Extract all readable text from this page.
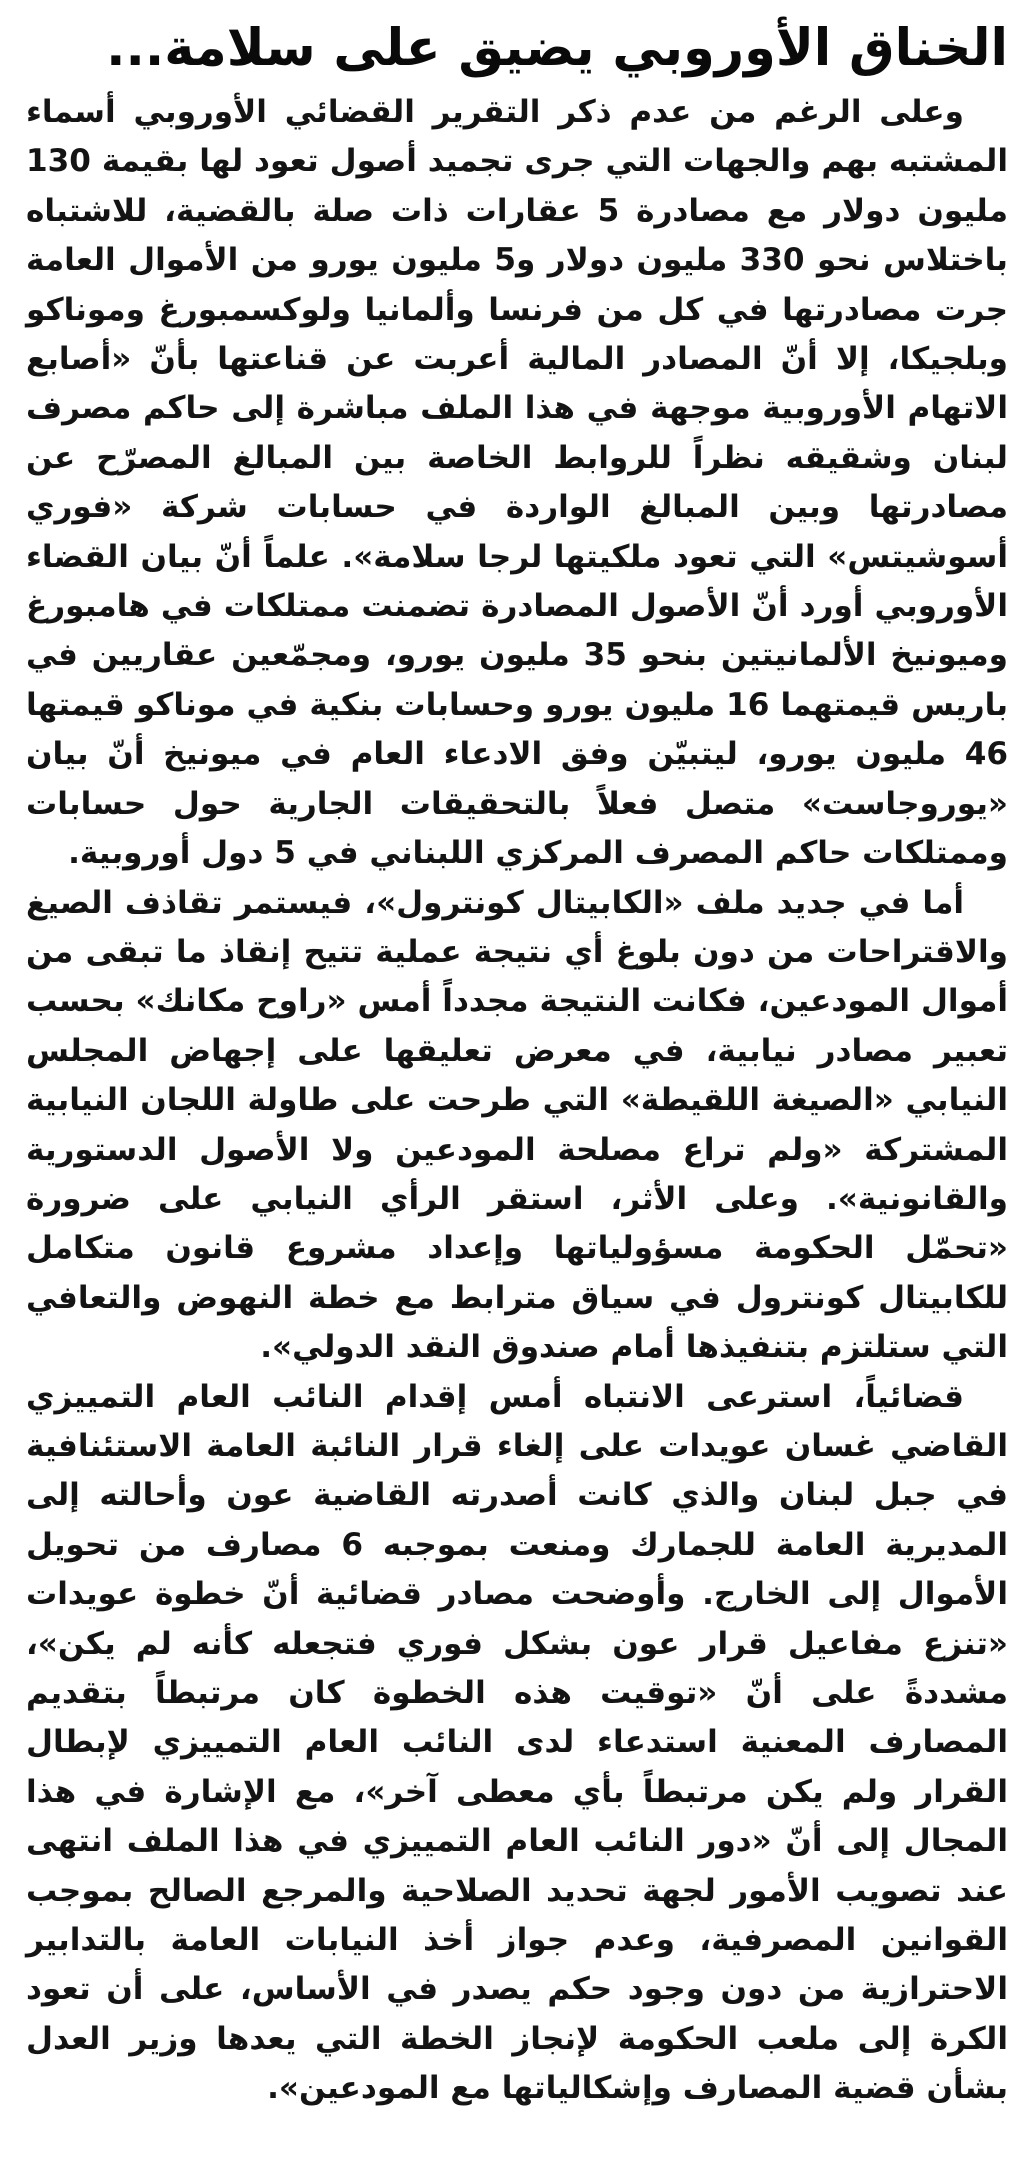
الخناق الأوروبي يضيق على سلامة...

وعلى الرغم من عدم ذكر التقرير القضائي الأوروبي أسماء المشتبه بهم والجهات التي جرى تجميد أصول تعود لها بقيمة 130 مليون دولار مع مصادرة 5 عقارات ذات صلة بالقضية، للاشتباه باختلاس نحو 330 مليون دولار و5 مليون يورو من الأموال العامة جرت مصادرتها في كل من فرنسا وألمانيا ولوكسمبورغ وموناكو وبلجيكا، إلا أنّ المصادر المالية أعربت عن قناعتها بأنّ «أصابع الاتهام الأوروبية موجهة في هذا الملف مباشرة إلى حاكم مصرف لبنان وشقيقه نظراً للروابط الخاصة بين المبالغ المصرّح عن مصادرتها وبين المبالغ الواردة في حسابات شركة «فوري أسوشيتس» التي تعود ملكيتها لرجا سلامة». علماً أنّ بيان القضاء الأوروبي أورد أنّ الأصول المصادرة تضمنت ممتلكات في هامبورغ وميونيخ الألمانيتين بنحو 35 مليون يورو، ومجمّعين عقاريين في باريس قيمتهما 16 مليون يورو وحسابات بنكية في موناكو قيمتها 46 مليون يورو، ليتبيّن وفق الادعاء العام في ميونيخ أنّ بيان «يوروجاست» متصل فعلاً بالتحقيقات الجارية حول حسابات وممتلكات حاكم المصرف المركزي اللبناني في 5 دول أوروبية.

أما في جديد ملف «الكابيتال كونترول»، فيستمر تقاذف الصيغ والاقتراحات من دون بلوغ أي نتيجة عملية تتيح إنقاذ ما تبقى من أموال المودعين، فكانت النتيجة مجدداً أمس «راوح مكانك» بحسب تعبير مصادر نيابية، في معرض تعليقها على إجهاض المجلس النيابي «الصيغة اللقيطة» التي طرحت على طاولة اللجان النيابية المشتركة «ولم تراع مصلحة المودعين ولا الأصول الدستورية والقانونية». وعلى الأثر، استقر الرأي النيابي على ضرورة «تحمّل الحكومة مسؤولياتها وإعداد مشروع قانون متكامل للكابيتال كونترول في سياق مترابط مع خطة النهوض والتعافي التي ستلتزم بتنفيذها أمام صندوق النقد الدولي».

قضائياً، استرعى الانتباه أمس إقدام النائب العام التمييزي القاضي غسان عويدات على إلغاء قرار النائبة العامة الاستئنافية في جبل لبنان والذي كانت أصدرته القاضية عون وأحالته إلى المديرية العامة للجمارك ومنعت بموجبه 6 مصارف من تحويل الأموال إلى الخارج. وأوضحت مصادر قضائية أنّ خطوة عويدات «تنزع مفاعيل قرار عون بشكل فوري فتجعله كأنه لم يكن»، مشددةً على أنّ «توقيت هذه الخطوة كان مرتبطاً بتقديم المصارف المعنية استدعاء لدى النائب العام التمييزي لإبطال القرار ولم يكن مرتبطاً بأي معطى آخر»، مع الإشارة في هذا المجال إلى أنّ «دور النائب العام التمييزي في هذا الملف انتهى عند تصويب الأمور لجهة تحديد الصلاحية والمرجع الصالح بموجب القوانين المصرفية، وعدم جواز أخذ النيابات العامة بالتدابير الاحترازية من دون وجود حكم يصدر في الأساس، على أن تعود الكرة إلى ملعب الحكومة لإنجاز الخطة التي يعدها وزير العدل بشأن قضية المصارف وإشكالياتها مع المودعين».
